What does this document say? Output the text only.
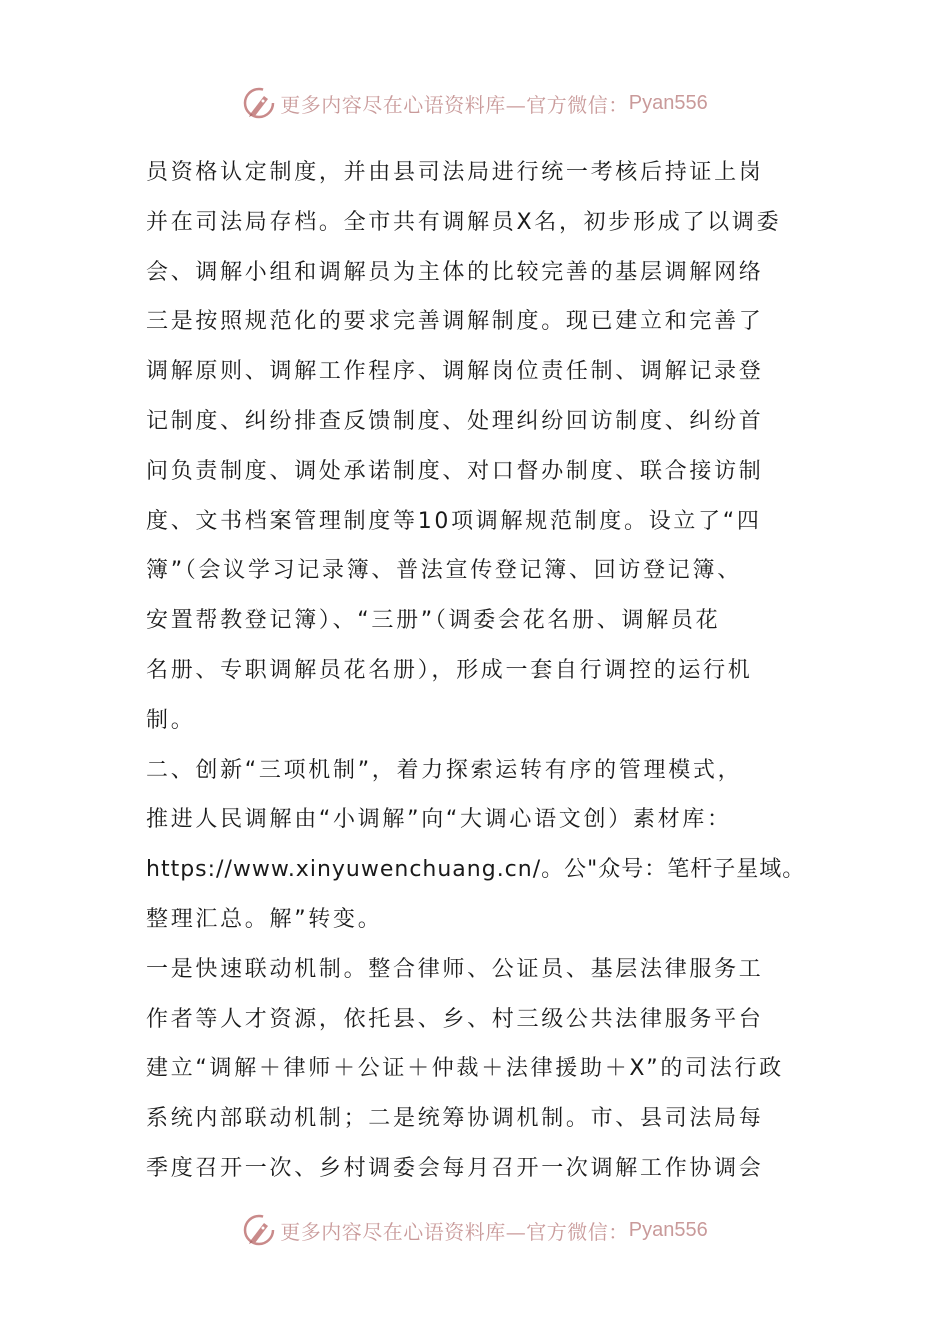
更多内容尽在心语资料库—官方微信： Pyan556
员资格认定制度，并由县司法局进行统一考核后持证上岗
并在司法局存档。全市共有调解员X名，初步形成了以调委
会、调解小组和调解员为主体的比较完善的基层调解网络
三是按照规范化的要求完善调解制度。现已建立和完善了
调解原则、调解工作程序、调解岗位责任制、调解记录登
记制度、纠纷排查反馈制度、处理纠纷回访制度、纠纷首
问负责制度、调处承诺制度、对口督办制度、联合接访制
度、文书档案管理制度等10项调解规范制度。设立了“四
簿”（会议学习记录簿、普法宣传登记簿、回访登记簿、
安置帮教登记簿）、“三册”（调委会花名册、调解员花
名册、专职调解员花名册），形成一套自行调控的运行机
制。
二、创新“三项机制”，着力探索运转有序的管理模式，
推进人民调解由“小调解”向“大调心语文创）素材库：
https://www.xinyuwenchuang.cn/。公"众号：笔杆子星域。
整理汇总。解”转变。
一是快速联动机制。整合律师、公证员、基层法律服务工
作者等人才资源，依托县、乡、村三级公共法律服务平台
建立“调解＋律师＋公证＋仲裁＋法律援助＋X”的司法行政
系统内部联动机制；二是统筹协调机制。市、县司法局每
季度召开一次、乡村调委会每月召开一次调解工作协调会
更多内容尽在心语资料库—官方微信： Pyan556
